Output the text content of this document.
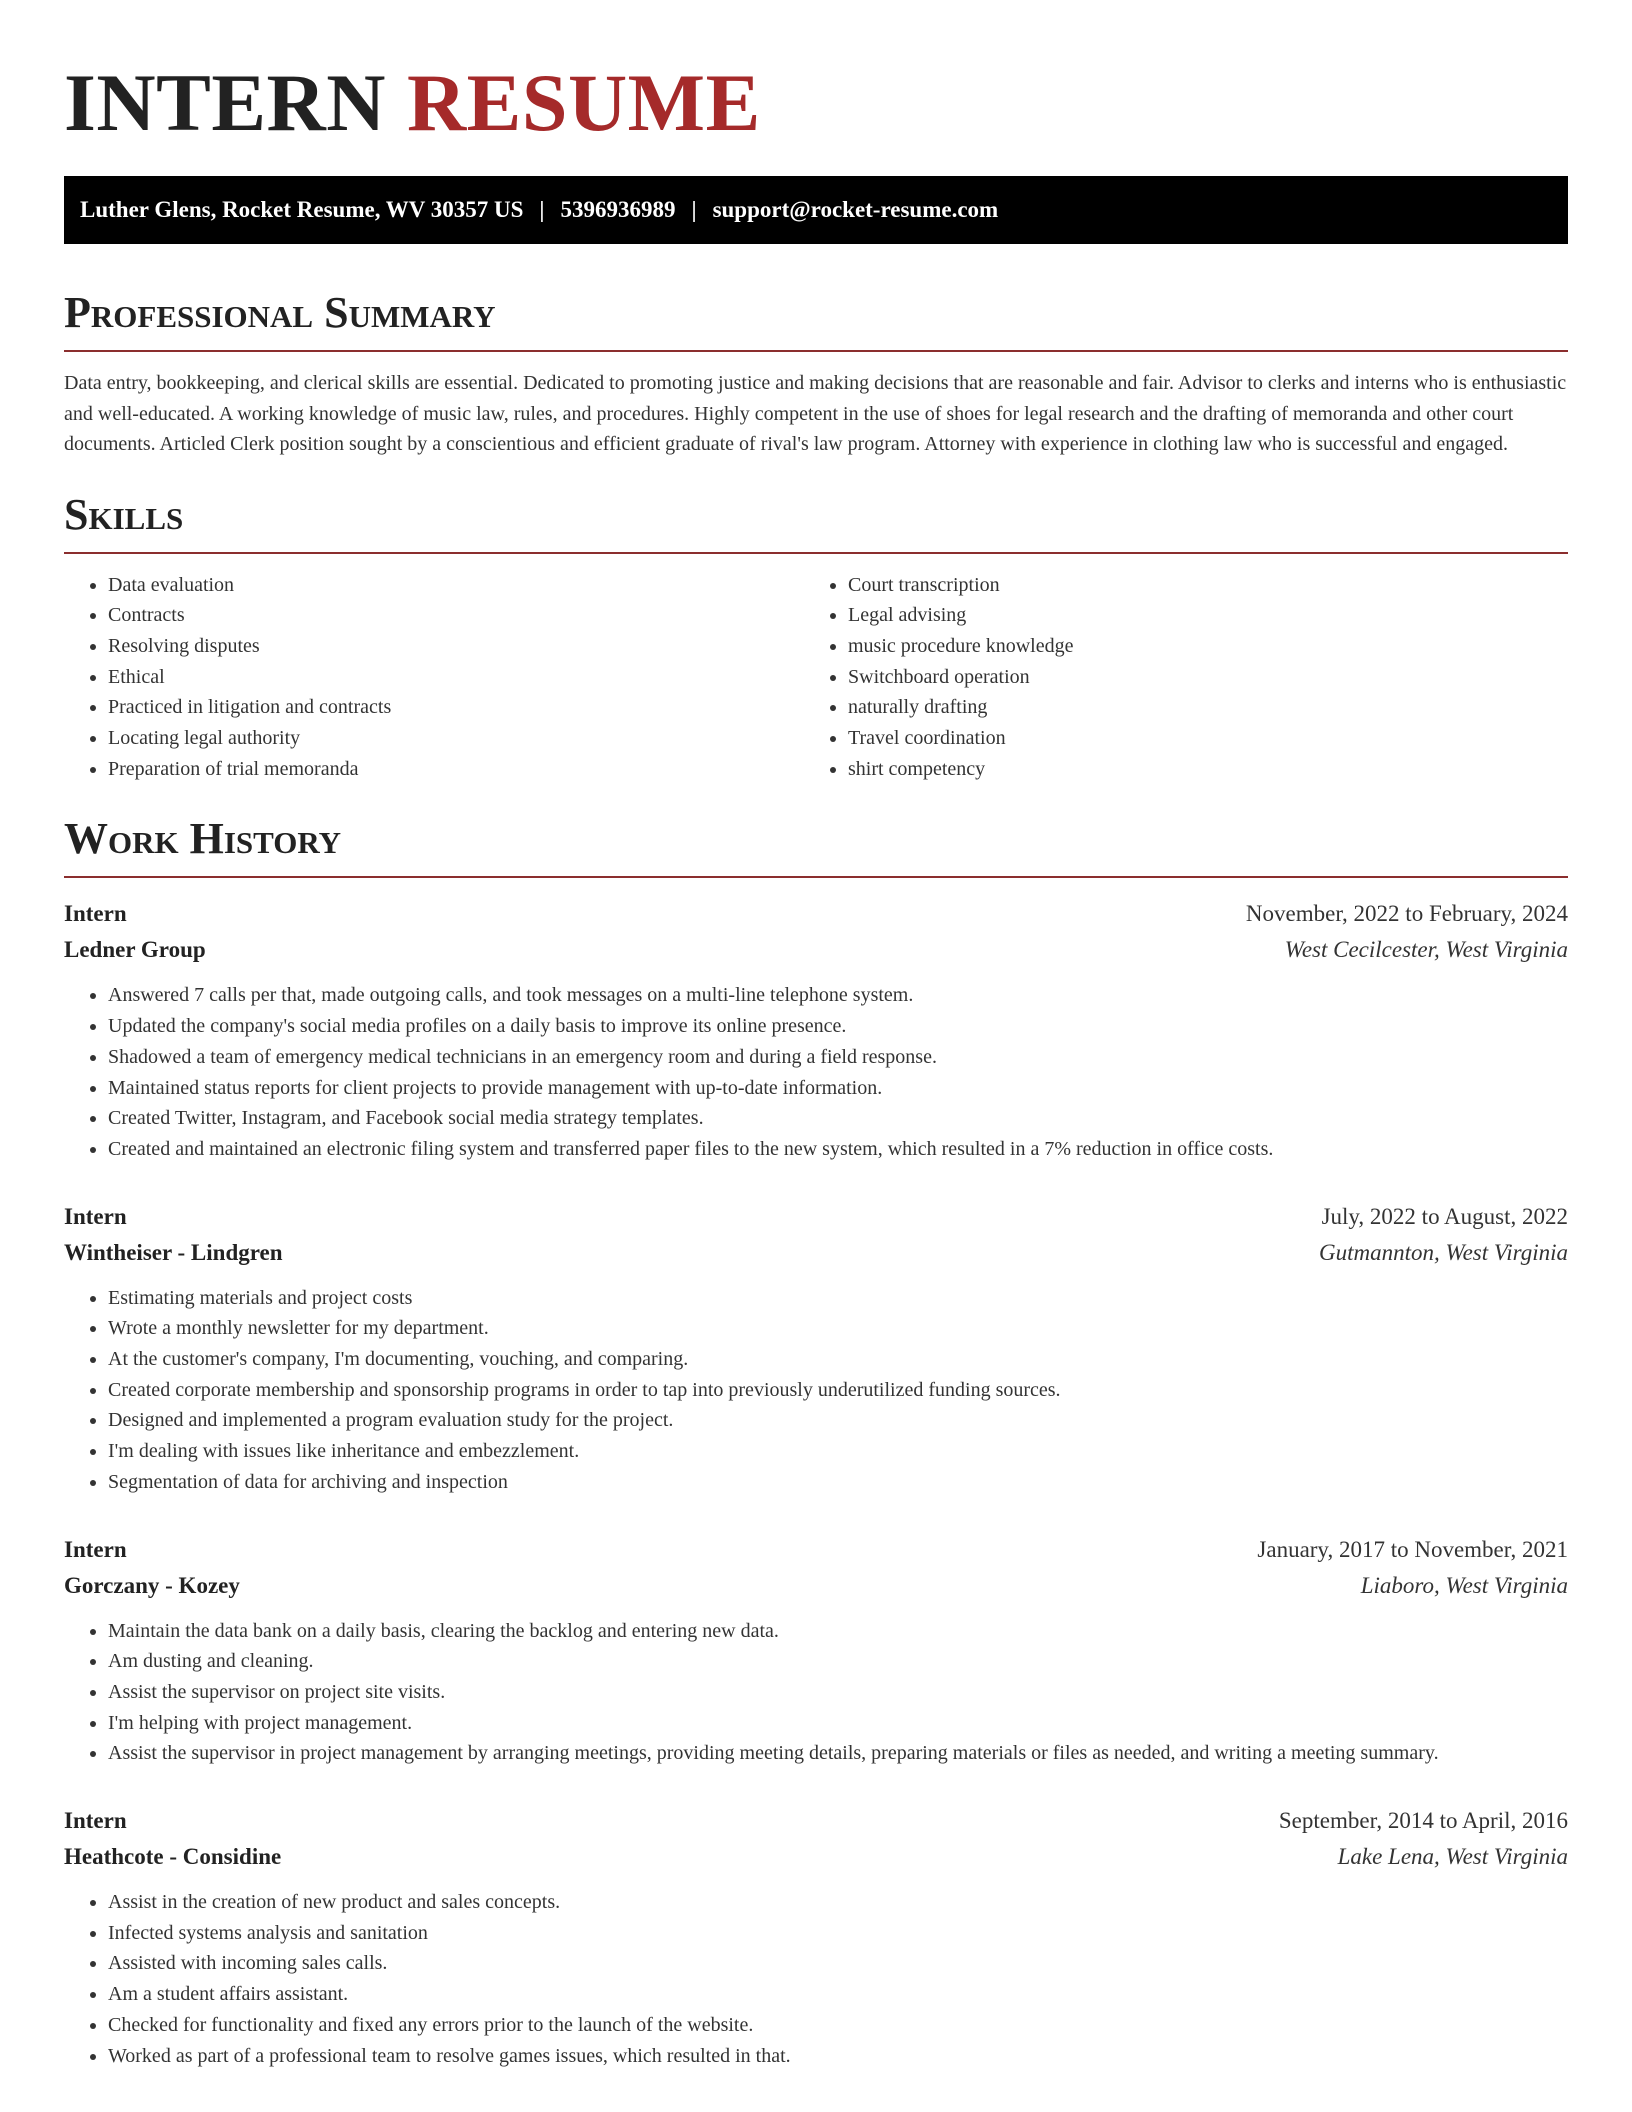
INTERN RESUME
Luther Glens, Rocket Resume, WV 30357 US | 5396936989 | support@rocket-resume.com
Professional Summary

Data entry, bookkeeping, and clerical skills are essential. Dedicated to promoting justice and making decisions that are reasonable and fair. Advisor to clerks and interns who is enthusiastic and well-educated. A working knowledge of music law, rules, and procedures. Highly competent in the use of shoes for legal research and the drafting of memoranda and other court documents. Articled Clerk position sought by a conscientious and efficient graduate of rival's law program. Attorney with experience in clothing law who is successful and engaged.

Skills
• Data evaluation
• Contracts
• Resolving disputes
• Ethical
• Practiced in litigation and contracts
• Locating legal authority
• Preparation of trial memoranda
• Court transcription
• Legal advising
• music procedure knowledge
• Switchboard operation
• naturally drafting
• Travel coordination
• shirt competency
Work History
Intern	November, 2022 to February, 2024
Ledner Group	West Cecilcester, West Virginia
• Answered 7 calls per that, made outgoing calls, and took messages on a multi-line telephone system.
• Updated the company's social media profiles on a daily basis to improve its online presence.
• Shadowed a team of emergency medical technicians in an emergency room and during a field response.
• Maintained status reports for client projects to provide management with up-to-date information.
• Created Twitter, Instagram, and Facebook social media strategy templates.
• Created and maintained an electronic filing system and transferred paper files to the new system, which resulted in a 7% reduction in office costs.
Intern	July, 2022 to August, 2022
Wintheiser - Lindgren	Gutmannton, West Virginia
• Estimating materials and project costs
• Wrote a monthly newsletter for my department.
• At the customer's company, I'm documenting, vouching, and comparing.
• Created corporate membership and sponsorship programs in order to tap into previously underutilized funding sources.
• Designed and implemented a program evaluation study for the project.
• I'm dealing with issues like inheritance and embezzlement.
• Segmentation of data for archiving and inspection
Intern	January, 2017 to November, 2021
Gorczany - Kozey	Liaboro, West Virginia
• Maintain the data bank on a daily basis, clearing the backlog and entering new data.
• Am dusting and cleaning.
• Assist the supervisor on project site visits.
• I'm helping with project management.
• Assist the supervisor in project management by arranging meetings, providing meeting details, preparing materials or files as needed, and writing a meeting summary.
Intern	September, 2014 to April, 2016
Heathcote - Considine	Lake Lena, West Virginia
• Assist in the creation of new product and sales concepts.
• Infected systems analysis and sanitation
• Assisted with incoming sales calls.
• Am a student affairs assistant.
• Checked for functionality and fixed any errors prior to the launch of the website.
• Worked as part of a professional team to resolve games issues, which resulted in that.
